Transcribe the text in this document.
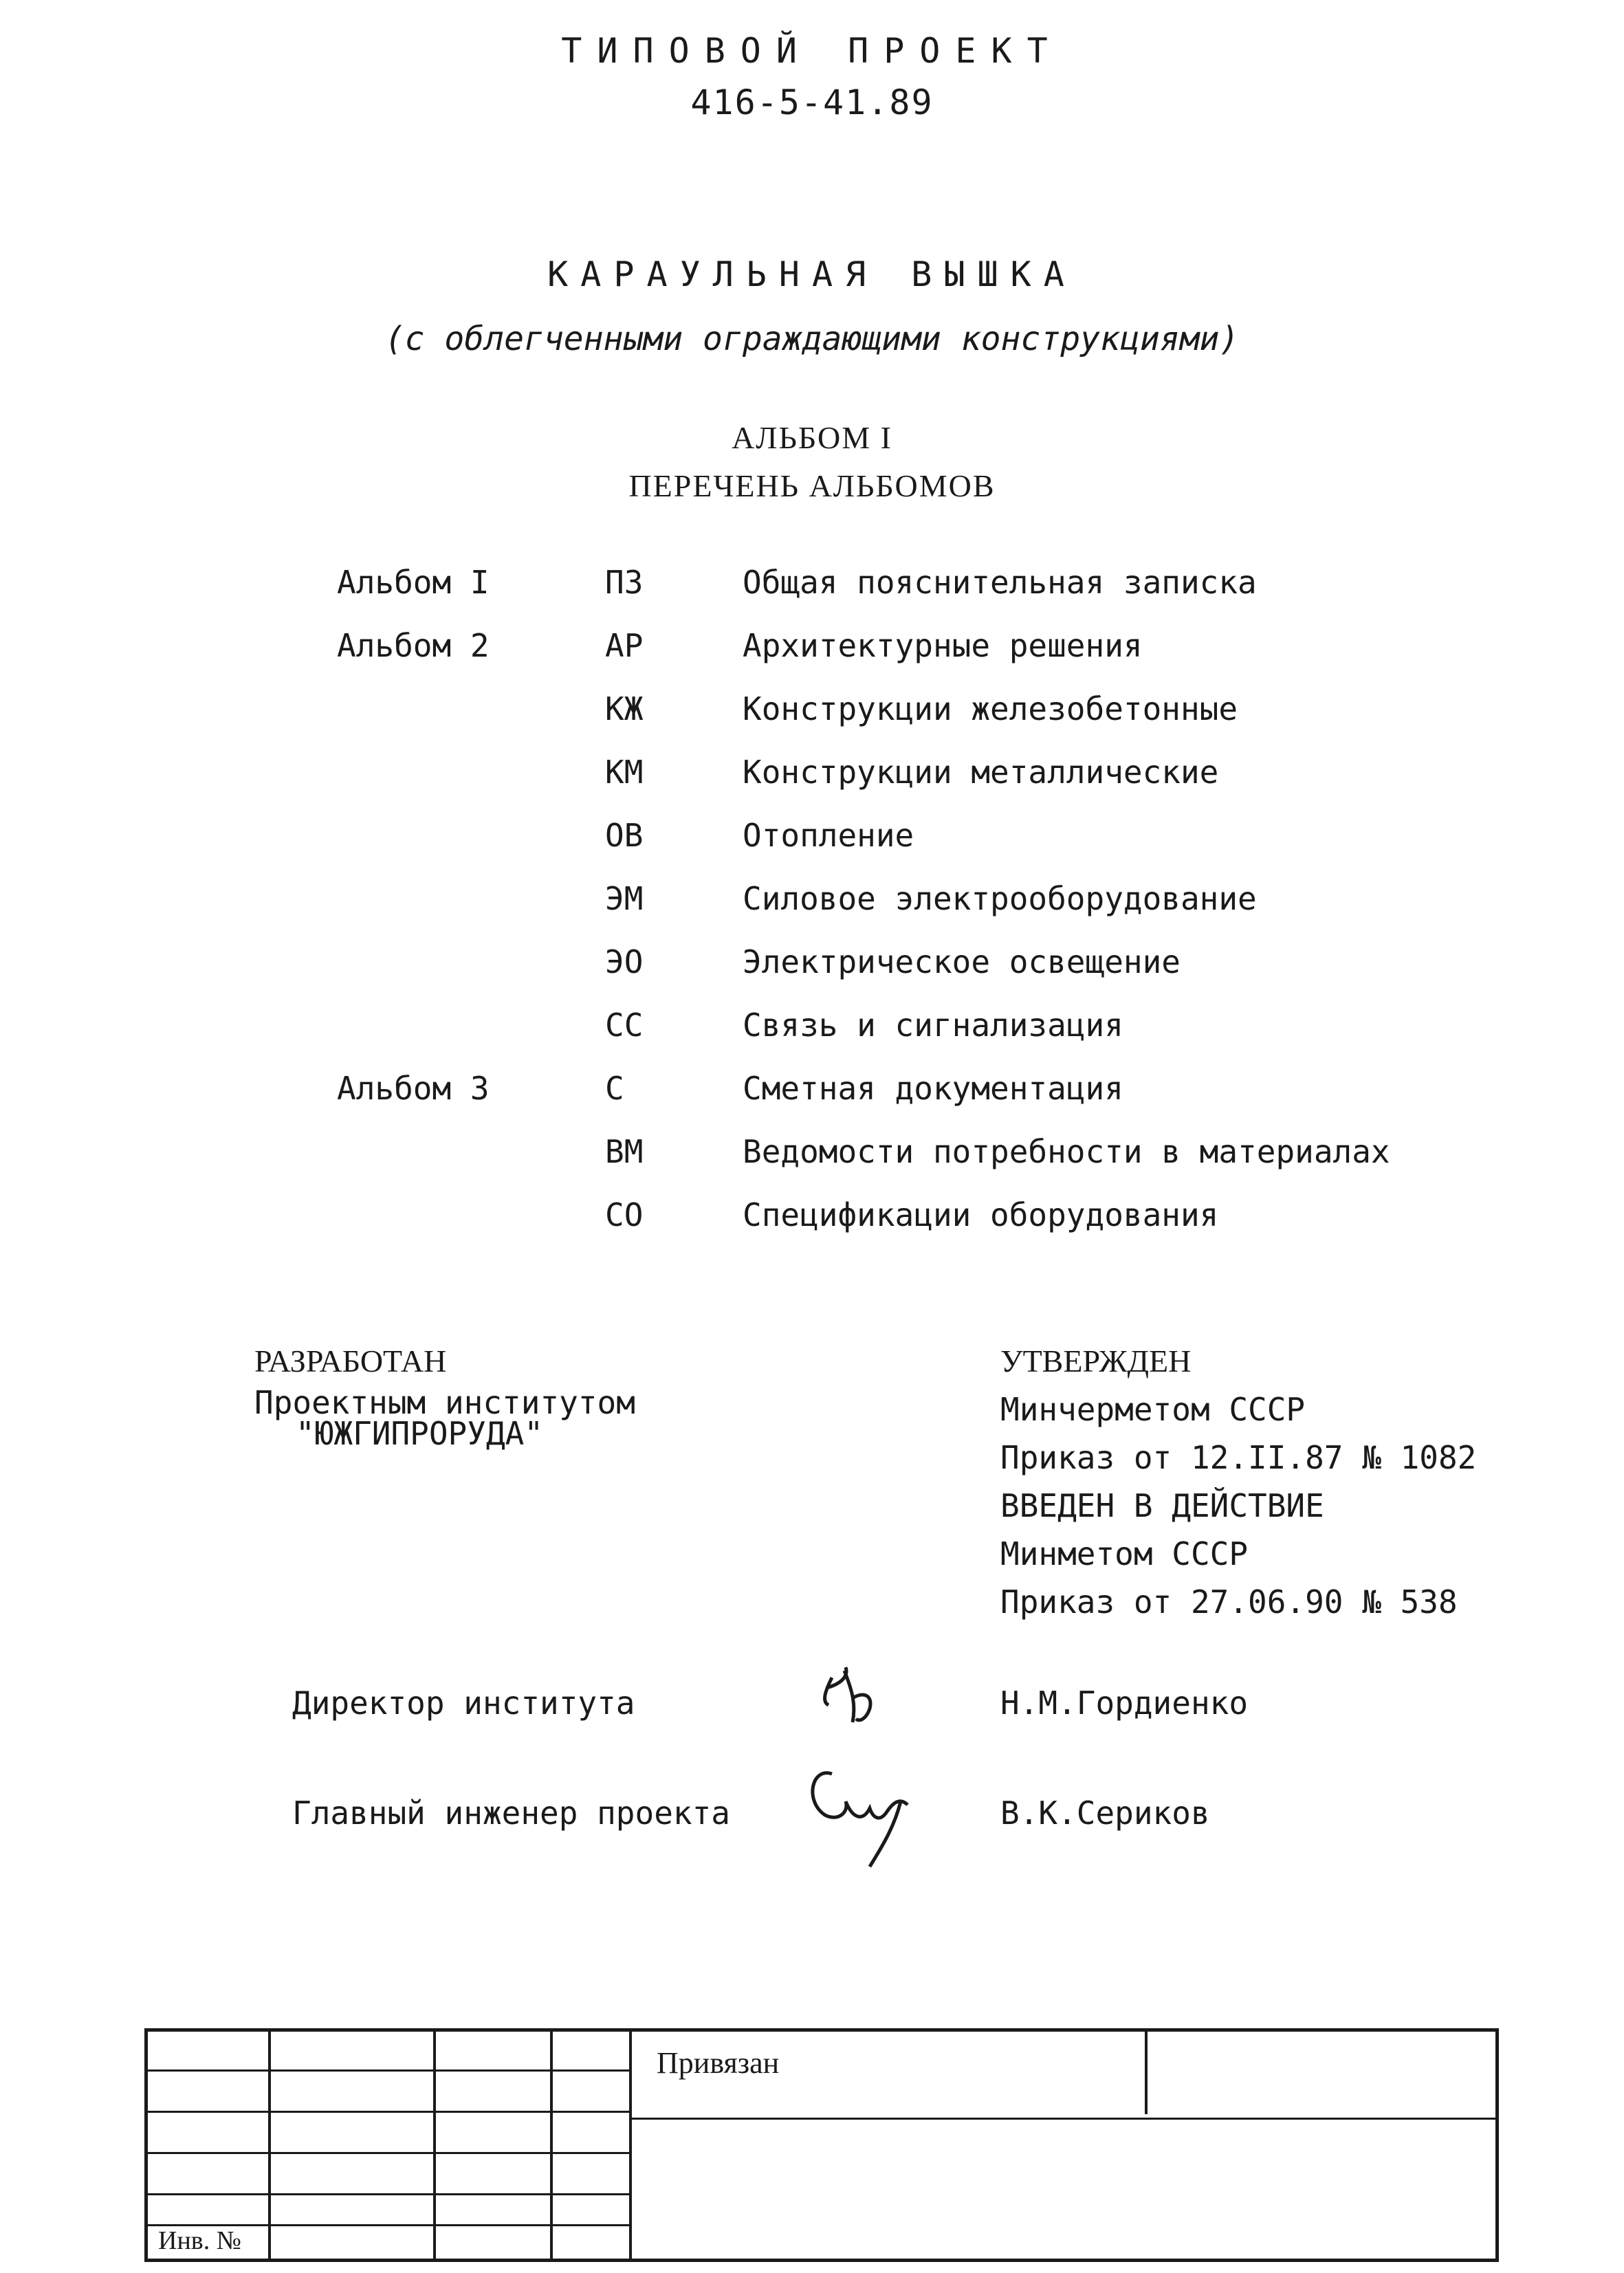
ТИПОВОЙ ПРОЕКТ
416-5-41.89
КАРАУЛЬНАЯ ВЫШКА
(с облегченными ограждающими конструкциями)
АЛЬБОМ I
ПЕРЕЧЕНЬ АЛЬБОМОВ
Альбом I	ПЗ	Общая пояснительная записка
Альбом 2	АР	Архитектурные решения
КЖ	Конструкции железобетонные
КМ	Конструкции металлические
ОВ	Отопление
ЭМ	Силовое электрооборудование
ЭО	Электрическое освещение
СС	Связь и сигнализация
Альбом 3	С	Сметная документация
ВМ	Ведомости потребности в материалах
СО	Спецификации оборудования
РАЗРАБОТАН
Проектным институтом
"ЮЖГИПРОРУДА"
УТВЕРЖДЕН
Минчерметом СССР
Приказ от 12.II.87 № 1082
ВВЕДЕН В ДЕЙСТВИЕ
Минметом СССР
Приказ от 27.06.90 № 538
Директор института	Н.М.Гордиенко
Главный инженер проекта	В.К.Сериков
Привязан
Инв. №
